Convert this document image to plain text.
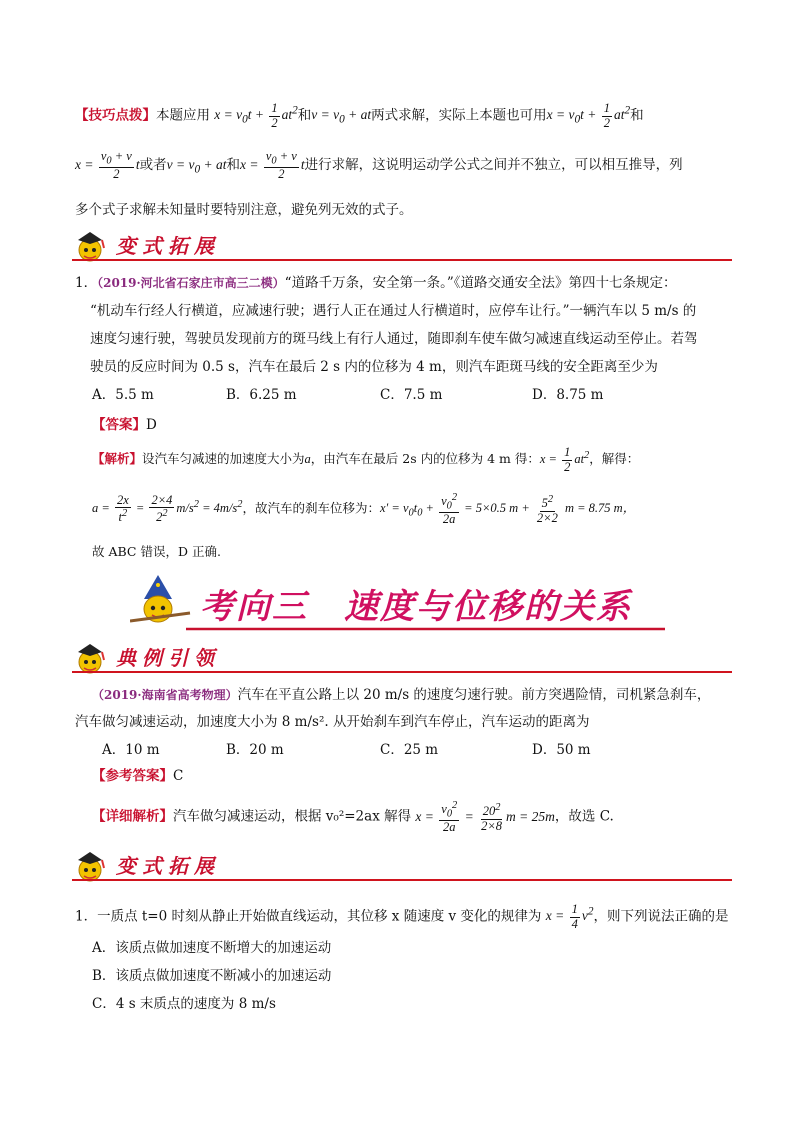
【技巧点拨】本题应用 $x = v_0t + \frac{1}{2} at^2$和$v = v_0$ + at两式求解，实际上本题也可用$x = v_0t + \frac{1}{2} at^2$和
$x = \frac{v_0 + v}{2}$ t或者$v = v_0$ + at和$x = \frac{v_0 + v}{2}$ t进行求解，这说明运动学公式之间并不独立，可以相互推导，列
多个式子求解未知量时要特别注意，避免列无效的式子。
变式拓展
1．（2019·河北省石家庄市高三二模）“道路千万条，安全第一条。”《道路交通安全法》第四十七条规定：
“机动车行经人行横道，应减速行驶；遇行人正在通过人行横道时，应停车让行。”一辆汽车以 5 m/s 的
速度匀速行驶，驾驶员发现前方的斑马线上有行人通过，随即刹车使车做匀减速直线运动至停止。若驾
驶员的反应时间为 0.5 s，汽车在最后 2 s 内的位移为 4 m，则汽车距斑马线的安全距离至少为
A．5.5 m	B．6.25 m	C．7.5 m	D．8.75 m
【答案】D
【解析】设汽车匀减速的加速度大小为a，由汽车在最后 2s 内的位移为 4 m 得：$x = \frac{1}{2} at^2$，解得：
$a = \frac{2x}{t^2} = \frac{2\times 4}{2^2} m/s^2 = 4m/s^2$，故汽车的刹车位移为：$x' = v_0t_0 + \frac{v_0^2}{2a} = 5\times 0.5$ $m + \frac{5^2}{2\times 2}$ m = 8.75 m，
故 ABC 错误，D 正确.
考向三　速度与位移的关系
典例引领
（2019·海南省高考物理）汽车在平直公路上以 20 m/s 的速度匀速行驶。前方突遇险情，司机紧急刹车，
汽车做匀减速运动，加速度大小为 8 m/s². 从开始刹车到汽车停止，汽车运动的距离为
A．10 m	B．20 m	C．25 m	D．50 m
【参考答案】C
【详细解析】汽车做匀减速运动，根据 v₀²=2ax 解得 $x = \frac{v_0^2}{2a} = \frac{20^2}{2\times 8}$ m = 25m，故选 C.
变式拓展
1．一质点 t=0 时刻从静止开始做直线运动，其位移 x 随速度 v 变化的规律为 $x = \frac{1}{4} v^2$，则下列说法正确的是
A．该质点做加速度不断增大的加速运动
B．该质点做加速度不断减小的加速运动
C．4 s 末质点的速度为 8 m/s
